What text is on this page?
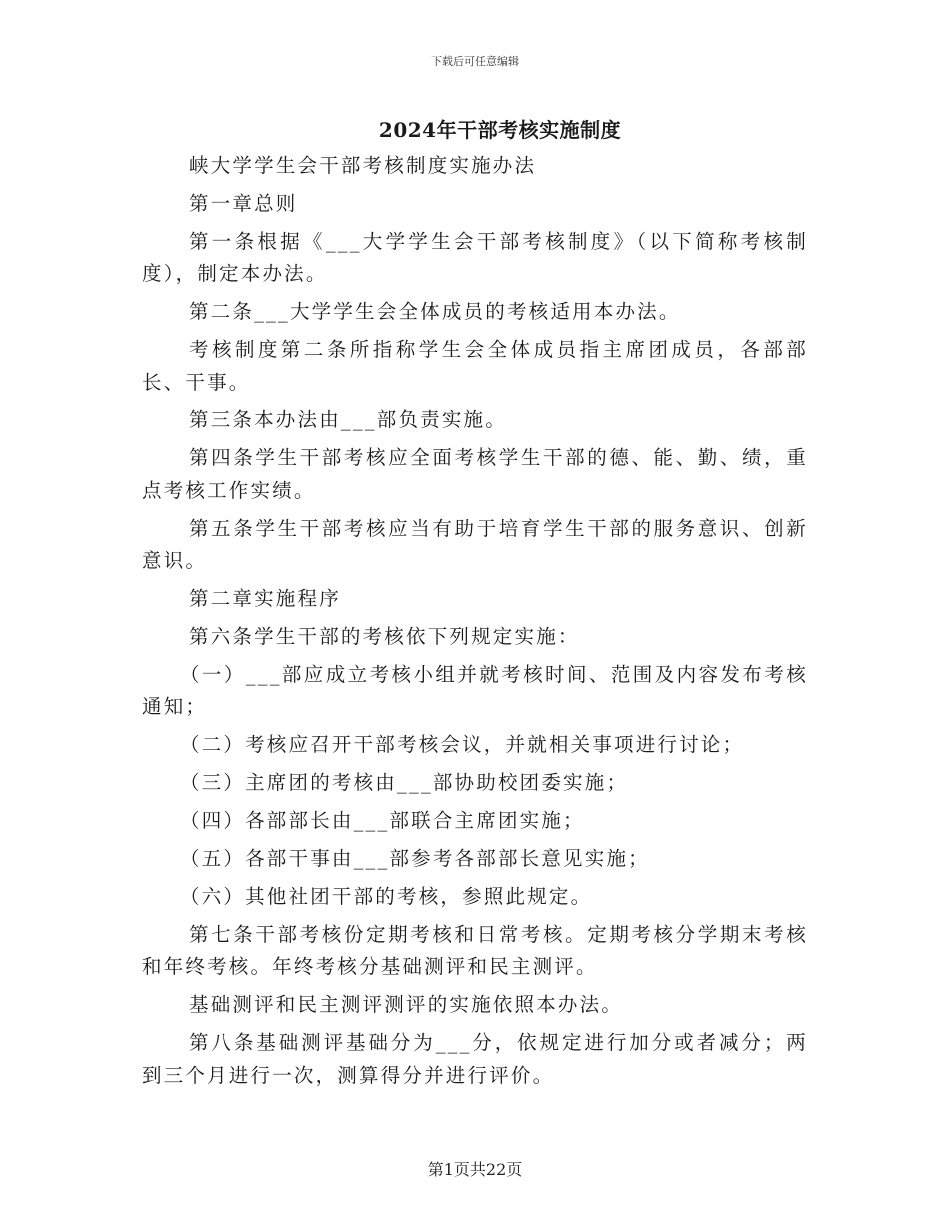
下载后可任意编辑
2024年干部考核实施制度

峡大学学生会干部考核制度实施办法

第一章总则

第一条根据《___大学学生会干部考核制度》（以下简称考核制度），制定本办法。

第二条___大学学生会全体成员的考核适用本办法。

考核制度第二条所指称学生会全体成员指主席团成员，各部部长、干事。

第三条本办法由___部负责实施。

第四条学生干部考核应全面考核学生干部的德、能、勤、绩，重点考核工作实绩。

第五条学生干部考核应当有助于培育学生干部的服务意识、创新意识。

第二章实施程序

第六条学生干部的考核依下列规定实施：

（一）___部应成立考核小组并就考核时间、范围及内容发布考核通知；

（二）考核应召开干部考核会议，并就相关事项进行讨论；

（三）主席团的考核由___部协助校团委实施；

（四）各部部长由___部联合主席团实施；

（五）各部干事由___部参考各部部长意见实施；

（六）其他社团干部的考核，参照此规定。

第七条干部考核份定期考核和日常考核。定期考核分学期末考核和年终考核。年终考核分基础测评和民主测评。

基础测评和民主测评测评的实施依照本办法。

第八条基础测评基础分为___分，依规定进行加分或者减分；两到三个月进行一次，测算得分并进行评价。

第1页共22页
